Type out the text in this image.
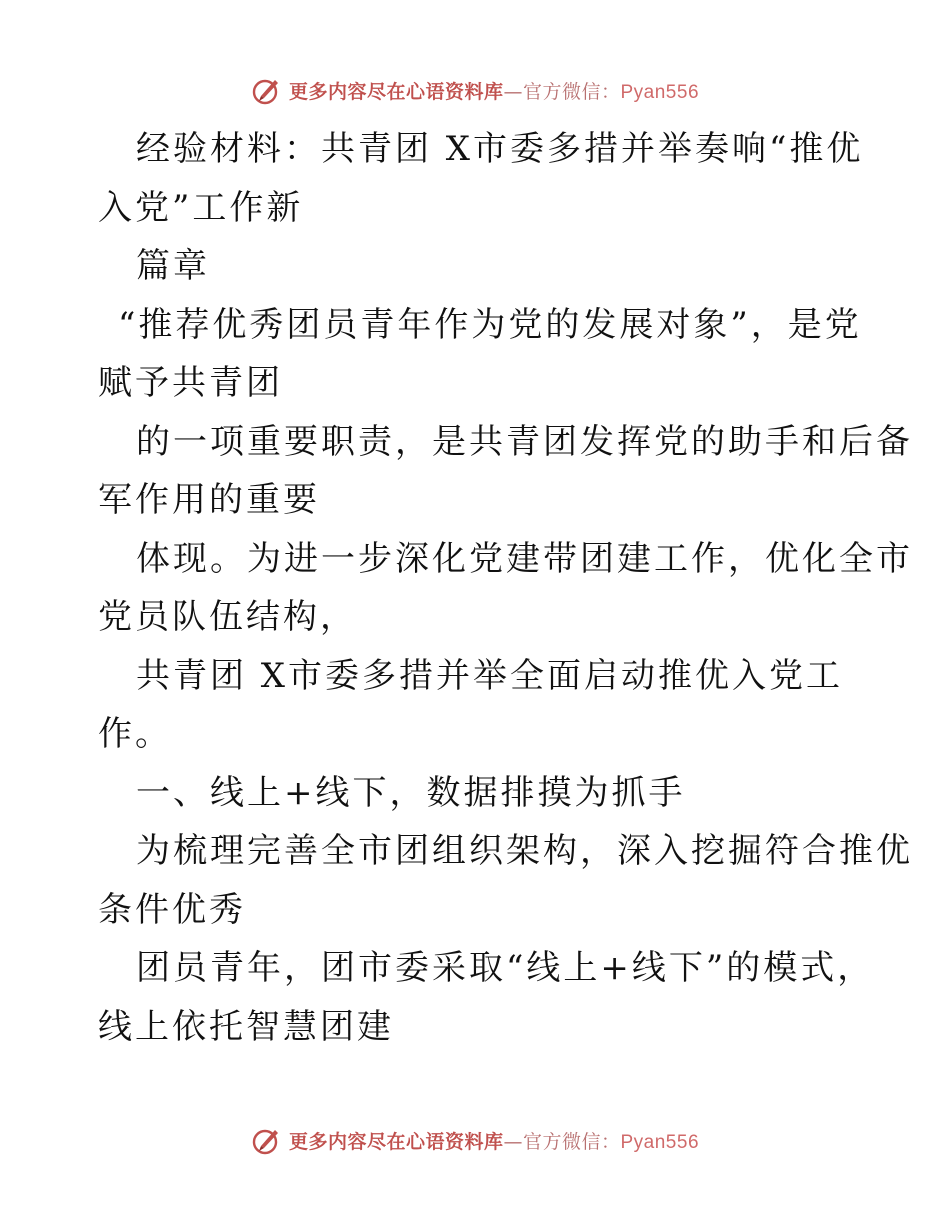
更多内容尽在心语资料库—官方微信：Pyan556
经验材料：共青团 X市委多措并举奏响“推优
入党”工作新
篇章
“推荐优秀团员青年作为党的发展对象”，是党
赋予共青团
的一项重要职责，是共青团发挥党的助手和后备
军作用的重要
体现。为进一步深化党建带团建工作，优化全市
党员队伍结构，
共青团 X市委多措并举全面启动推优入党工
作。
一、线上+线下，数据排摸为抓手
为梳理完善全市团组织架构，深入挖掘符合推优
条件优秀
团员青年，团市委采取“线上+线下”的模式，
线上依托智慧团建
更多内容尽在心语资料库—官方微信：Pyan556
